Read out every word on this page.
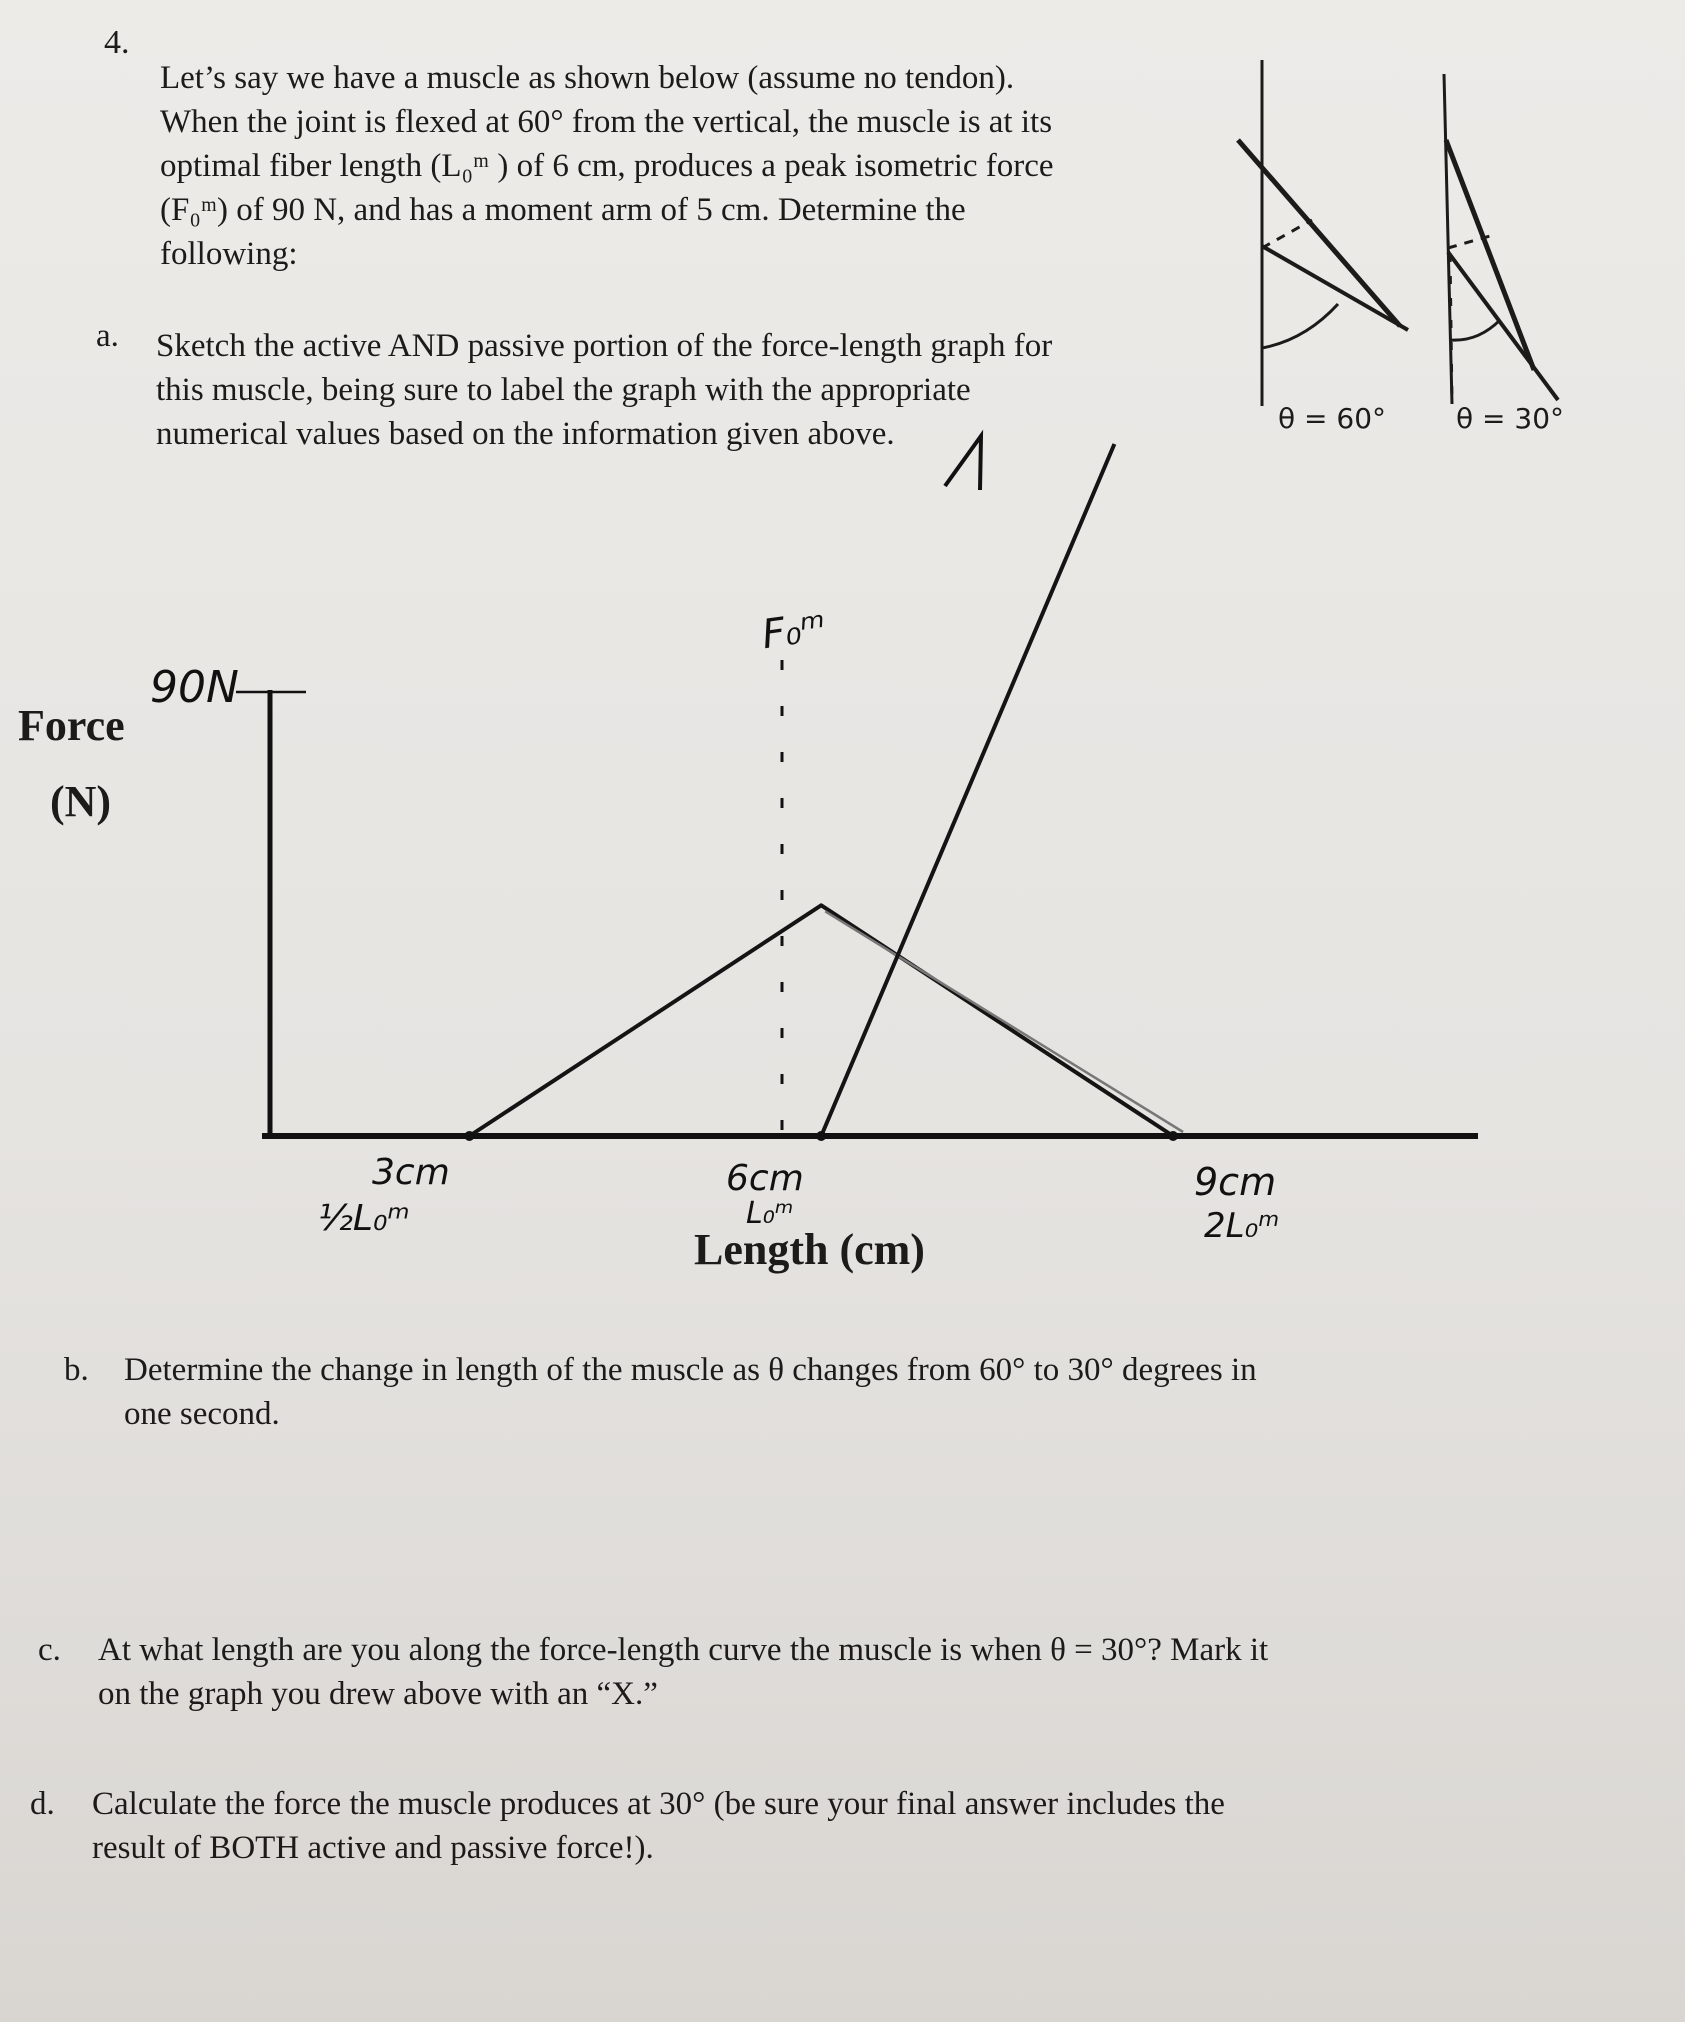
4.
Let’s say we have a muscle as shown below (assume no tendon).
When the joint is flexed at 60° from the vertical, the muscle is at its
optimal fiber length (L₀ᵐ ) of 6 cm, produces a peak isometric force
(F₀ᵐ) of 90 N, and has a moment arm of 5 cm. Determine the
following:
a. Sketch the active AND passive portion of the force-length graph for
this muscle, being sure to label the graph with the appropriate
numerical values based on the information given above.	θ = 60° θ = 30°
Force
(N)
Length (cm)
90N
F₀ᵐ
3cm
½L₀ᵐ
6cm
L₀ᵐ
9cm
2L₀ᵐ
b. Determine the change in length of the muscle as θ changes from 60° to 30° degrees in
one second.
c. At what length are you along the force-length curve the muscle is when θ = 30°? Mark it
on the graph you drew above with an “X.”
d. Calculate the force the muscle produces at 30° (be sure your final answer includes the
result of BOTH active and passive force!).
